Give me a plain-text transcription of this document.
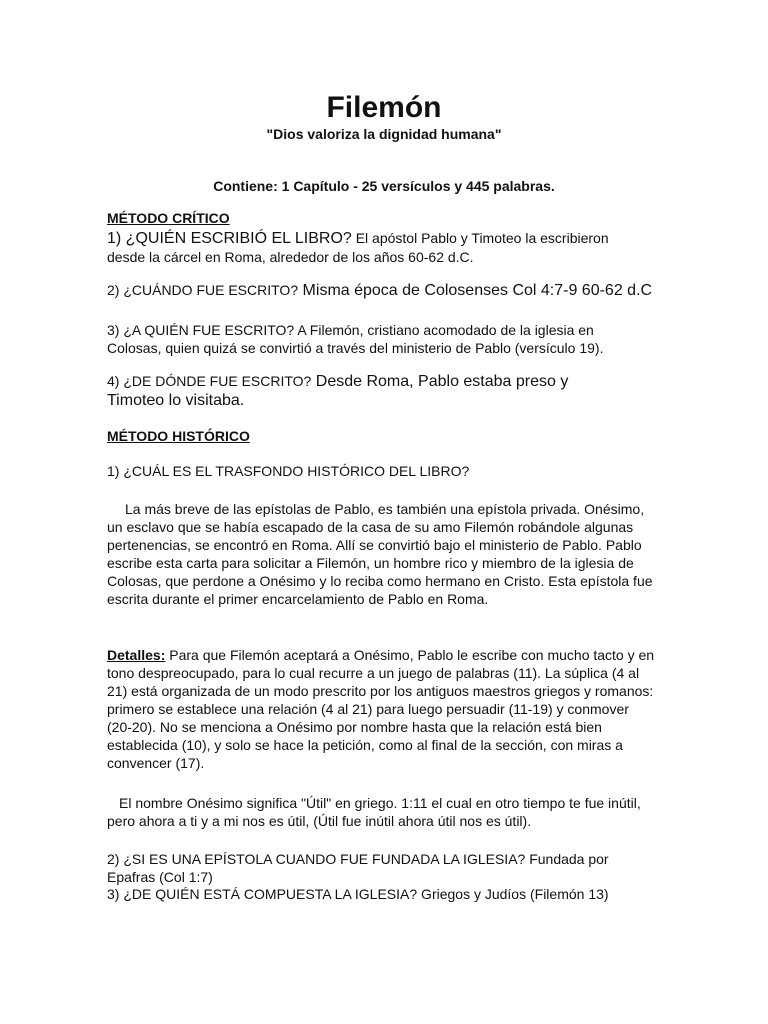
Filemón

"Dios valoriza la dignidad humana"

Contiene: 1 Capítulo - 25 versículos y 445 palabras.

MÉTODO CRÍTICO

1) ¿QUIÉN ESCRIBIÓ EL LIBRO? El apóstol Pablo y Timoteo la escribieron desde la cárcel en Roma, alrededor de los años 60-62 d.C.

2) ¿CUÁNDO FUE ESCRITO? Misma época de Colosenses Col 4:7-9 60-62 d.C

3) ¿A QUIÉN FUE ESCRITO? A Filemón, cristiano acomodado de la iglesia en Colosas, quien quizá se convirtió a través del ministerio de Pablo (versículo 19).

4) ¿DE DÓNDE FUE ESCRITO? Desde Roma, Pablo estaba preso y Timoteo lo visitaba.

MÉTODO HISTÓRICO

1) ¿CUÁL ES EL TRASFONDO HISTÓRICO DEL LIBRO?

La más breve de las epístolas de Pablo, es también una epístola privada. Onésimo, un esclavo que se había escapado de la casa de su amo Filemón robándole algunas pertenencias, se encontró en Roma. Allí se convirtió bajo el ministerio de Pablo. Pablo escribe esta carta para solicitar a Filemón, un hombre rico y miembro de la iglesia de Colosas, que perdone a Onésimo y lo reciba como hermano en Cristo. Esta epístola fue escrita durante el primer encarcelamiento de Pablo en Roma.

Detalles: Para que Filemón aceptará a Onésimo, Pablo le escribe con mucho tacto y en tono despreocupado, para lo cual recurre a un juego de palabras (11). La súplica (4 al 21) está organizada de un modo prescrito por los antiguos maestros griegos y romanos: primero se establece una relación (4 al 21) para luego persuadir (11-19) y conmover (20-20). No se menciona a Onésimo por nombre hasta que la relación está bien establecida (10), y solo se hace la petición, como al final de la sección, con miras a convencer (17).

El nombre Onésimo significa "Útil" en griego. 1:11 el cual en otro tiempo te fue inútil, pero ahora a ti y a mi nos es útil, (Útil fue inútil ahora útil nos es útil).

2) ¿SI ES UNA EPÍSTOLA CUANDO FUE FUNDADA LA IGLESIA? Fundada por Epafras (Col 1:7)

3) ¿DE QUIÉN ESTÁ COMPUESTA LA IGLESIA? Griegos y Judíos (Filemón 13)
